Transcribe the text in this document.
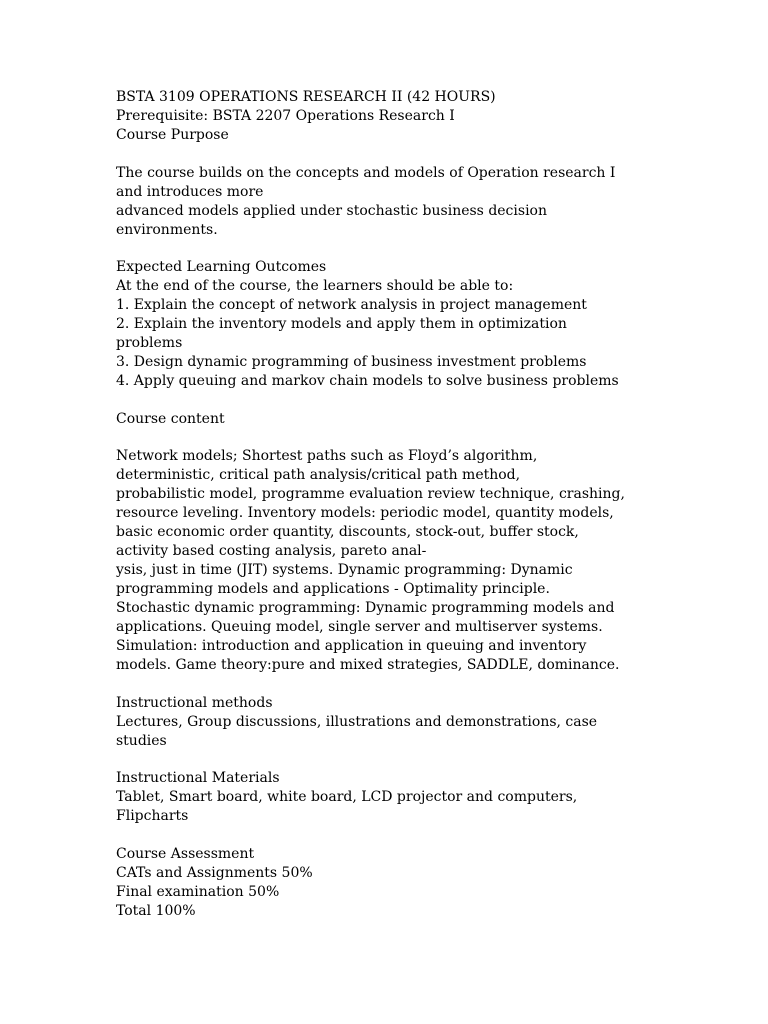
BSTA 3109 OPERATIONS RESEARCH II (42 HOURS)
Prerequisite: BSTA 2207 Operations Research I
Course Purpose
The course builds on the concepts and models of Operation research I
and introduces more
advanced models applied under stochastic business decision
environments.
Expected Learning Outcomes
At the end of the course, the learners should be able to:
1. Explain the concept of network analysis in project management
2. Explain the inventory models and apply them in optimization
problems
3. Design dynamic programming of business investment problems
4. Apply queuing and markov chain models to solve business problems
Course content
Network models; Shortest paths such as Floyd’s algorithm,
deterministic, critical path analysis/critical path method,
probabilistic model, programme evaluation review technique, crashing,
resource leveling. Inventory models: periodic model, quantity models,
basic economic order quantity, discounts, stock-out, buffer stock,
activity based costing analysis, pareto anal-
ysis, just in time (JIT) systems. Dynamic programming: Dynamic
programming models and applications - Optimality principle.
Stochastic dynamic programming: Dynamic programming models and
applications. Queuing model, single server and multiserver systems.
Simulation: introduction and application in queuing and inventory
models. Game theory:pure and mixed strategies, SADDLE, dominance.
Instructional methods
Lectures, Group discussions, illustrations and demonstrations, case
studies
Instructional Materials
Tablet, Smart board, white board, LCD projector and computers,
Flipcharts
Course Assessment
CATs and Assignments 50%
Final examination 50%
Total 100%
